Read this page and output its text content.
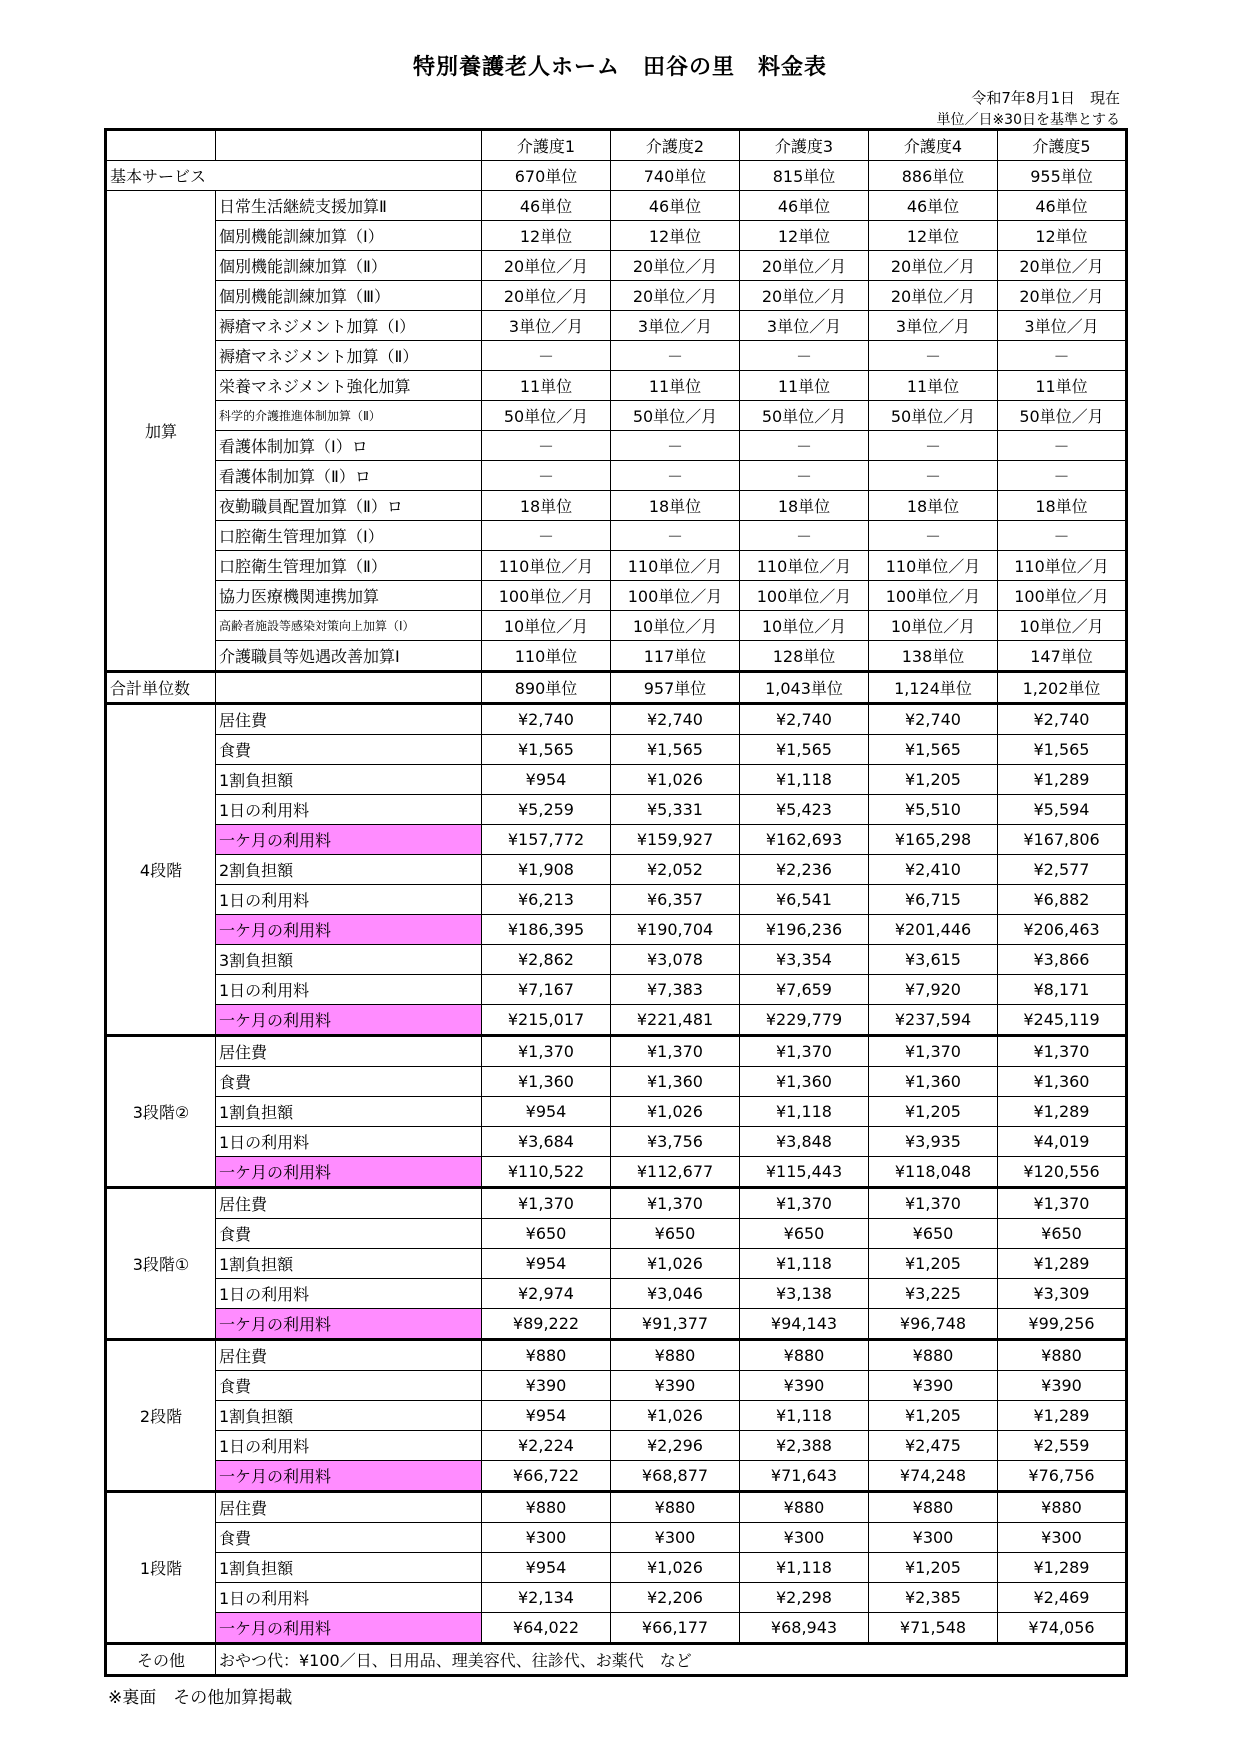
特別養護老人ホーム　田谷の里　料金表
令和7年8月1日　現在
単位／日※30日を基準とする
		介護度1	介護度2	介護度3	介護度4	介護度5
基本サービス		670単位	740単位	815単位	886単位	955単位
加算	日常生活継続支援加算Ⅱ	46単位	46単位	46単位	46単位	46単位
	個別機能訓練加算（Ⅰ）	12単位	12単位	12単位	12単位	12単位
	個別機能訓練加算（Ⅱ）	20単位／月	20単位／月	20単位／月	20単位／月	20単位／月
	個別機能訓練加算（Ⅲ）	20単位／月	20単位／月	20単位／月	20単位／月	20単位／月
	褥瘡マネジメント加算（Ⅰ）	3単位／月	3単位／月	3単位／月	3単位／月	3単位／月
	褥瘡マネジメント加算（Ⅱ）	－	－	－	－	－
	栄養マネジメント強化加算	11単位	11単位	11単位	11単位	11単位
	科学的介護推進体制加算（Ⅱ）	50単位／月	50単位／月	50単位／月	50単位／月	50単位／月
	看護体制加算（Ⅰ）ロ	－	－	－	－	－
	看護体制加算（Ⅱ）ロ	－	－	－	－	－
	夜勤職員配置加算（Ⅱ）ロ	18単位	18単位	18単位	18単位	18単位
	口腔衛生管理加算（Ⅰ）	－	－	－	－	－
	口腔衛生管理加算（Ⅱ）	110単位／月	110単位／月	110単位／月	110単位／月	110単位／月
	協力医療機関連携加算	100単位／月	100単位／月	100単位／月	100単位／月	100単位／月
	高齢者施設等感染対策向上加算（Ⅰ）	10単位／月	10単位／月	10単位／月	10単位／月	10単位／月
	介護職員等処遇改善加算Ⅰ	110単位	117単位	128単位	138単位	147単位
合計単位数		890単位	957単位	1,043単位	1,124単位	1,202単位
4段階	居住費	¥2,740	¥2,740	¥2,740	¥2,740	¥2,740
	食費	¥1,565	¥1,565	¥1,565	¥1,565	¥1,565
	1割負担額	¥954	¥1,026	¥1,118	¥1,205	¥1,289
	1日の利用料	¥5,259	¥5,331	¥5,423	¥5,510	¥5,594
	一ケ月の利用料	¥157,772	¥159,927	¥162,693	¥165,298	¥167,806
	2割負担額	¥1,908	¥2,052	¥2,236	¥2,410	¥2,577
	1日の利用料	¥6,213	¥6,357	¥6,541	¥6,715	¥6,882
	一ケ月の利用料	¥186,395	¥190,704	¥196,236	¥201,446	¥206,463
	3割負担額	¥2,862	¥3,078	¥3,354	¥3,615	¥3,866
	1日の利用料	¥7,167	¥7,383	¥7,659	¥7,920	¥8,171
	一ケ月の利用料	¥215,017	¥221,481	¥229,779	¥237,594	¥245,119
3段階②	居住費	¥1,370	¥1,370	¥1,370	¥1,370	¥1,370
	食費	¥1,360	¥1,360	¥1,360	¥1,360	¥1,360
	1割負担額	¥954	¥1,026	¥1,118	¥1,205	¥1,289
	1日の利用料	¥3,684	¥3,756	¥3,848	¥3,935	¥4,019
	一ケ月の利用料	¥110,522	¥112,677	¥115,443	¥118,048	¥120,556
3段階①	居住費	¥1,370	¥1,370	¥1,370	¥1,370	¥1,370
	食費	¥650	¥650	¥650	¥650	¥650
	1割負担額	¥954	¥1,026	¥1,118	¥1,205	¥1,289
	1日の利用料	¥2,974	¥3,046	¥3,138	¥3,225	¥3,309
	一ケ月の利用料	¥89,222	¥91,377	¥94,143	¥96,748	¥99,256
2段階	居住費	¥880	¥880	¥880	¥880	¥880
	食費	¥390	¥390	¥390	¥390	¥390
	1割負担額	¥954	¥1,026	¥1,118	¥1,205	¥1,289
	1日の利用料	¥2,224	¥2,296	¥2,388	¥2,475	¥2,559
	一ケ月の利用料	¥66,722	¥68,877	¥71,643	¥74,248	¥76,756
1段階	居住費	¥880	¥880	¥880	¥880	¥880
	食費	¥300	¥300	¥300	¥300	¥300
	1割負担額	¥954	¥1,026	¥1,118	¥1,205	¥1,289
	1日の利用料	¥2,134	¥2,206	¥2,298	¥2,385	¥2,469
	一ケ月の利用料	¥64,022	¥66,177	¥68,943	¥71,548	¥74,056
その他	おやつ代：¥100／日、日用品、理美容代、往診代、お薬代　など					
※裏面　その他加算掲載
